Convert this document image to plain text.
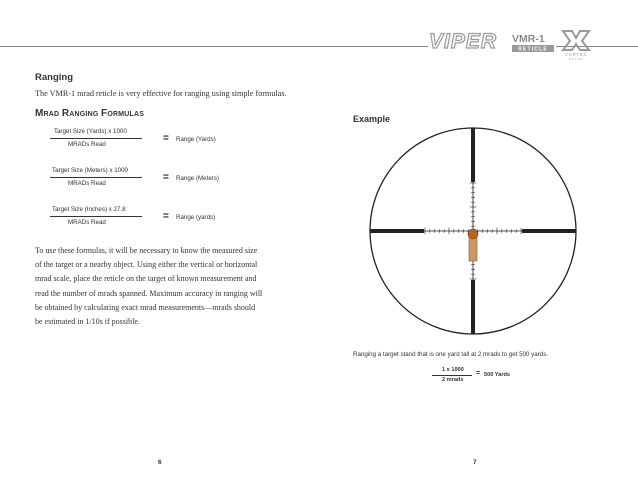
VIPER VMR-1
RETICLE
VORTEX
OPTICS
Ranging
The VMR-1 mrad reticle is very effective for ranging using simple formulas.
MRAD RANGING FORMULAS
Target Size (Yards) x 1000
MRADs Read
= Range (Yards)
Target Size (Meters) x 1000
MRADs Read
= Range (Meters)
Target Size (Inches) x 27.8
MRADs Read
= Range (yards)
To use these formulas, it will be necessary to know the measured size
of the target or a nearby object. Using either the vertical or horizontal
mrad scale, place the reticle on the target of known measurement and
read the number of mrads spanned. Maximum accuracy in ranging will
be obtained by calculating exact mrad measurements—mrads should
be estimated in 1/10s if possible.
6
Example
Ranging a target stand that is one yard tall at 2 mrads to get 500 yards.
1 x 1000
2 mrads
= 500 Yards
7
